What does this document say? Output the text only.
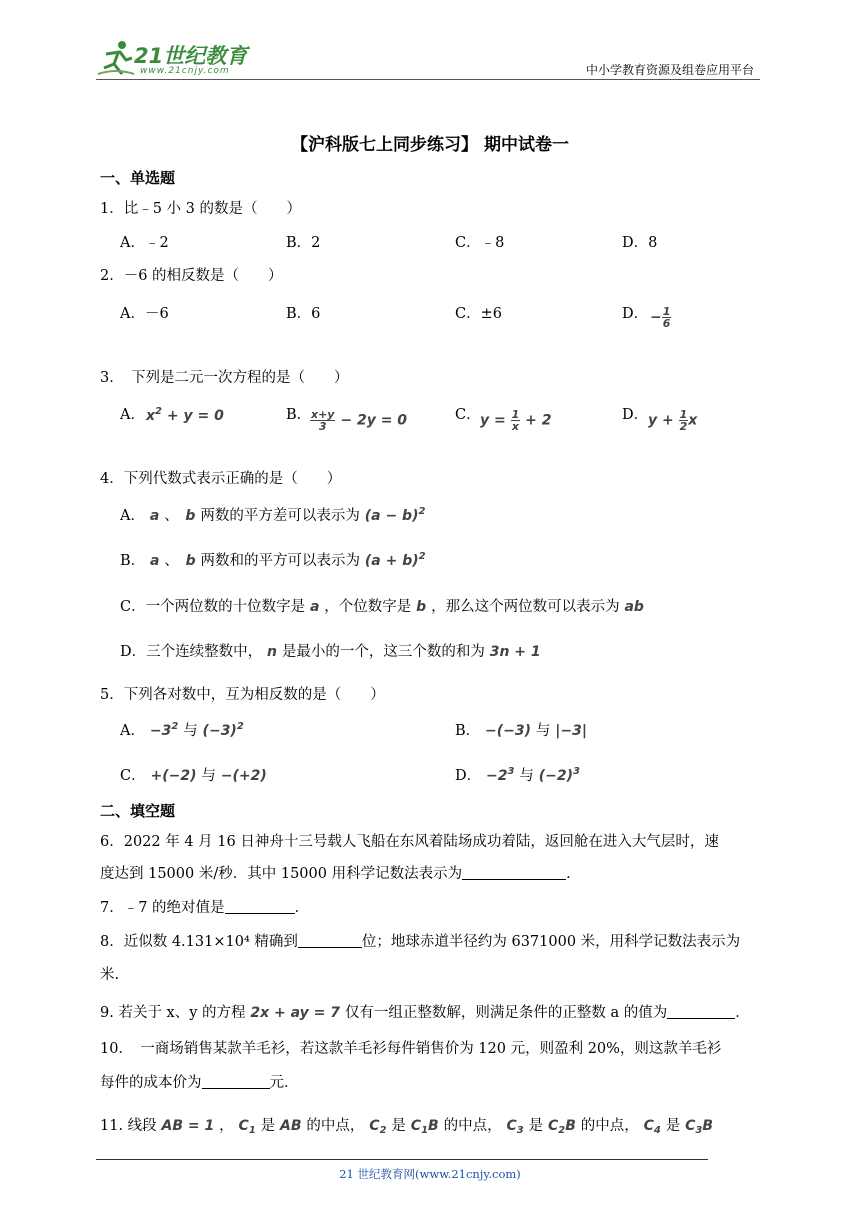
21世纪教育
www.21cnjy.com	中小学教育资源及组卷应用平台
【沪科版七上同步练习】 期中试卷一
一、单选题
1．比﹣5 小 3 的数是（　　）
A．﹣2	B．2	C．﹣8	D．8
2．－6 的相反数是（　　）
A．－6	B．6	C．±6	D． − $\frac{1}{6}$
3．　下列是二元一次方程的是（　　）
A． $x^2 + y = 0$	B．
$\frac{x+y}{3} - 2y = 0$	C． $y = \frac{1}{x} + 2$	D． $y + \frac{1}{2}$ x
4．下列代数式表示正确的是（　　）
A． a 、　b 两数的平方差可以表示为 $(a - b)^2$
B． a 、　b 两数和的平方可以表示为 $(a + b)^2$
C．一个两位数的十位数字是 a ，个位数字是 b ，那么这个两位数可以表示为 ab
D．三个连续整数中， n 是最小的一个，这三个数的和为 3n + 1
5．下列各对数中，互为相反数的是（　　）
A． $-3^2$ 与 $(-3)^2$	B． −(−3) 与 |−3|
C． +(−2) 与 −(+2)	D． $-2^3$ 与 $(-2)^3$
二、填空题
6．2022 年 4 月 16 日神舟十三号载人飞船在东风着陆场成功着陆，返回舱在进入大气层时，速
度达到 15000 米/秒．其中 15000 用科学记数法表示为	．
7．﹣7 的绝对值是	．
8．近似数 4.131×10⁴ 精确到	位；地球赤道半径约为 6371000 米，用科学记数法表示为
米.
9. 若关于 x、y 的方程 2x + ay = 7 仅有一组正整数解，则满足条件的正整数 a 的值为	．
10．　一商场销售某款羊毛衫，若这款羊毛衫每件销售价为 120 元，则盈利 20%，则这款羊毛衫
每件的成本价为	元．
11. 线段 AB = 1 ， $C_1$ 是 AB 的中点， $C_2$ 是 $C_1B$ 的中点， $C_3$ 是 $C_2B$ 的中点， $C_4$ 是 $C_3B$
21 世纪教育网(www.21cnjy.com)
